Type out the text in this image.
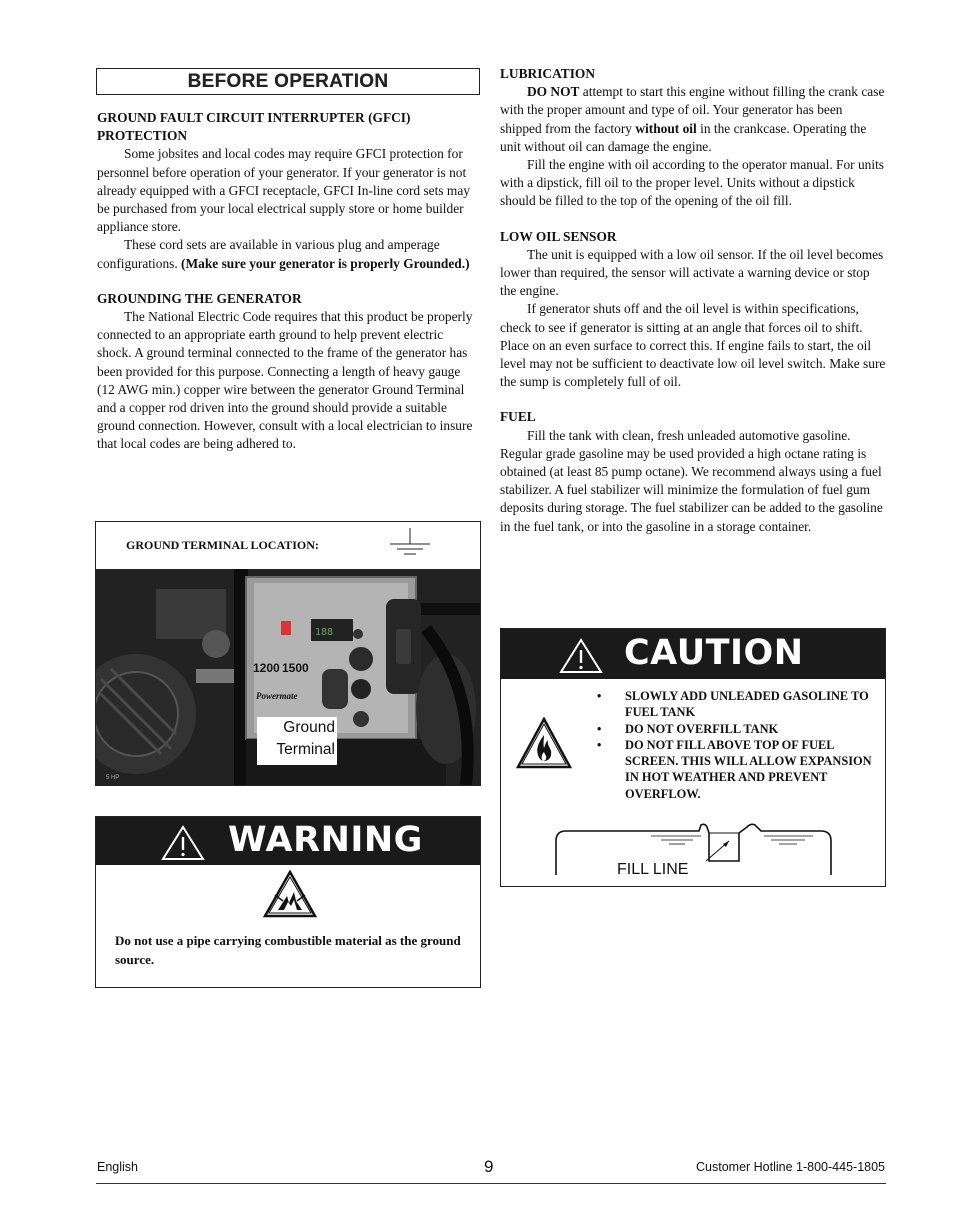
BEFORE OPERATION

GROUND FAULT CIRCUIT INTERRUPTER (GFCI)

PROTECTION

Some jobsites and local codes may require GFCI protection for personnel before operation of your generator. If your generator is not already equipped with a GFCI receptacle, GFCI In-line cord sets may be purchased from your local electrical supply store or home builder appliance store.

These cord sets are available in various plug and amperage configurations. (Make sure your generator is properly Grounded.)

GROUNDING THE GENERATOR

The National Electric Code requires that this product be properly connected to an appropriate earth ground to help prevent electric shock. A ground terminal connected to the frame of the generator has been provided for this purpose. Connecting a length of heavy gauge (12 AWG min.) copper wire between the generator Ground Terminal and a copper rod driven into the ground should provide a suitable ground connection. However, consult with a local electrician to insure that local codes are being adhered to.

GROUND TERMINAL LOCATION:
188
1200 1500
Powermate
5 HP
Ground
Terminal
WARNING
Do not use a pipe carrying combustible material as the ground source.

LUBRICATION

DO NOT attempt to start this engine without filling the crank case with the proper amount and type of oil. Your generator has been shipped from the factory without oil in the crankcase. Operating the unit without oil can damage the engine.

Fill the engine with oil according to the operator manual. For units with a dipstick, fill oil to the proper level. Units without a dipstick should be filled to the top of the opening of the oil fill.

LOW OIL SENSOR

The unit is equipped with a low oil sensor. If the oil level becomes lower than required, the sensor will activate a warning device or stop the engine.

If generator shuts off and the oil level is within specifications, check to see if generator is sitting at an angle that forces oil to shift. Place on an even surface to correct this. If engine fails to start, the oil level may not be sufficient to deactivate low oil level switch. Make sure the sump is completely full of oil.

FUEL

Fill the tank with clean, fresh unleaded automotive gasoline. Regular grade gasoline may be used provided a high octane rating is obtained (at least 85 pump octane). We recommend always using a fuel stabilizer. A fuel stabilizer will minimize the formulation of fuel gum deposits during storage. The fuel stabilizer can be added to the gasoline in the fuel tank, or into the gasoline in a storage container.

CAUTION
• SLOWLY ADD UNLEADED GASOLINE TO FUEL TANK
• DO NOT OVERFILL TANK
• DO NOT FILL ABOVE TOP OF FUEL SCREEN. THIS WILL ALLOW EXPANSION IN HOT WEATHER AND PREVENT OVERFLOW.
FILL LINE
English	9	Customer Hotline 1-800-445-1805
